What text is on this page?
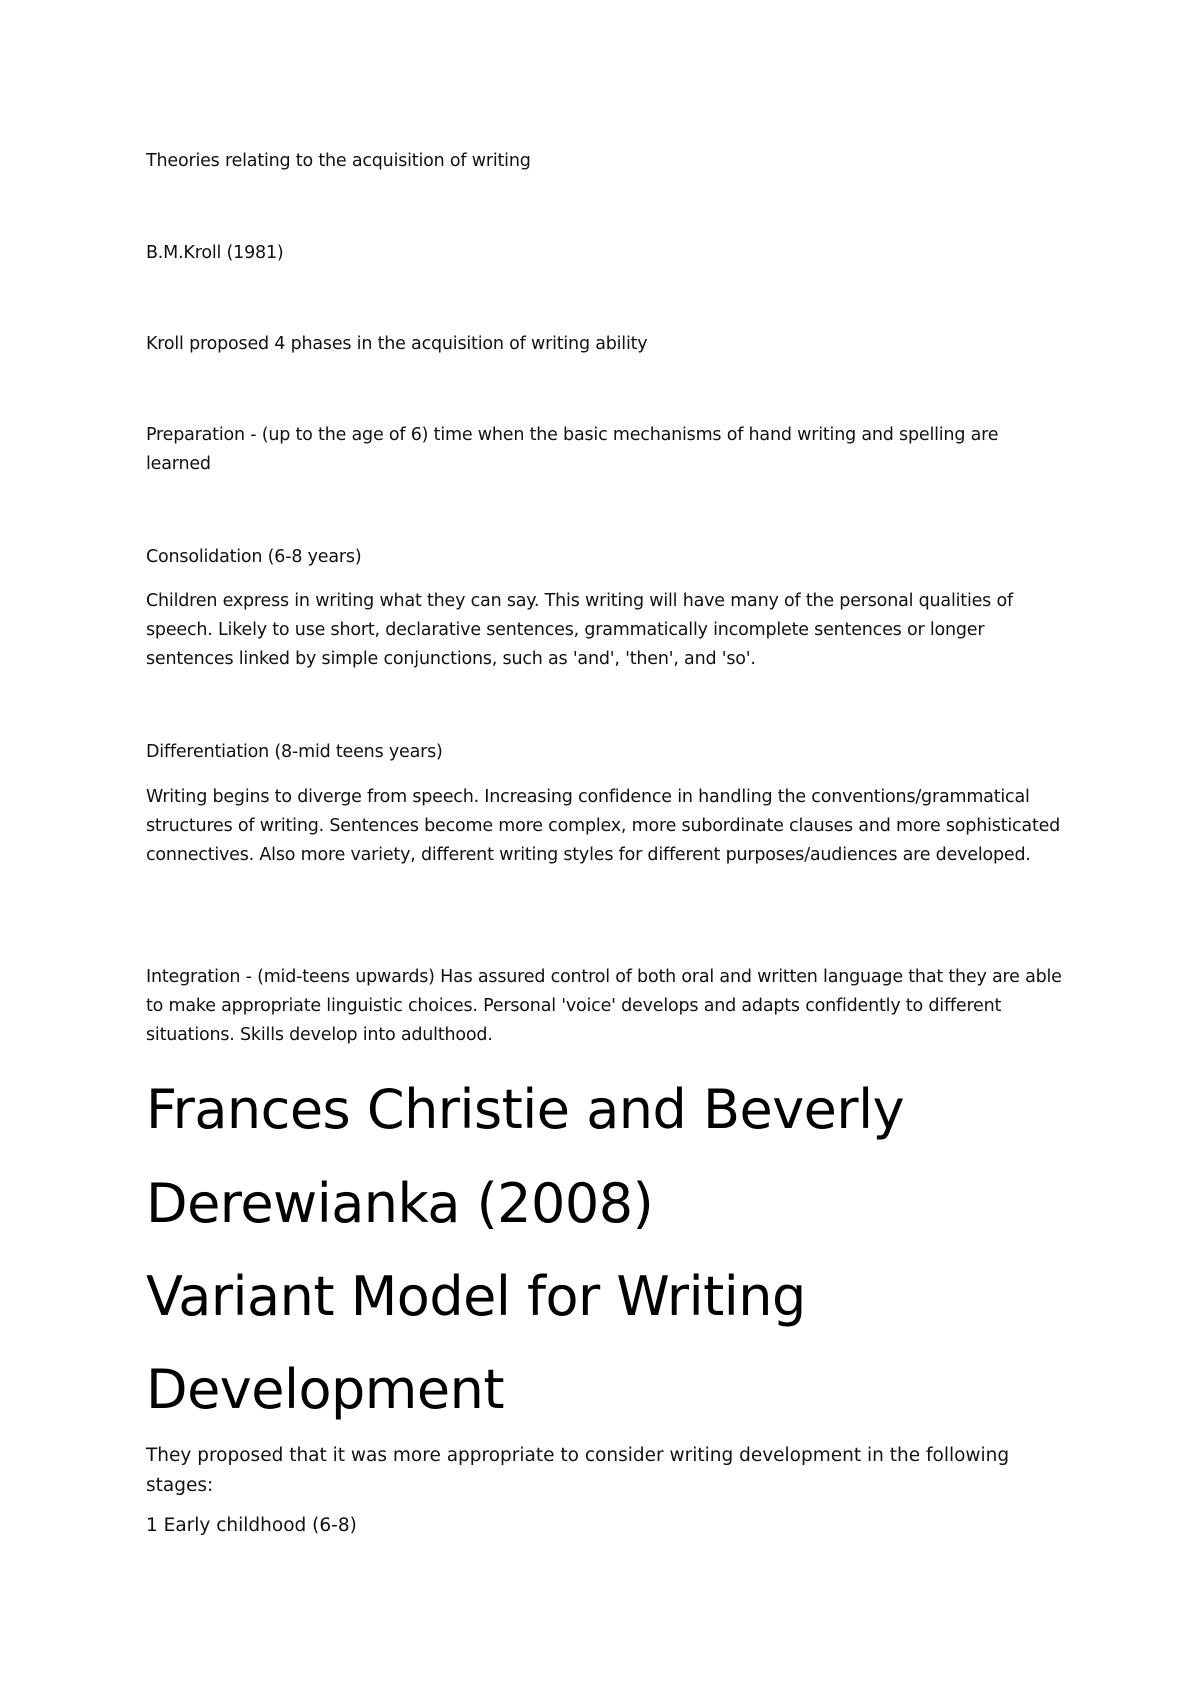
Theories relating to the acquisition of writing

B.M.Kroll (1981)

Kroll proposed 4 phases in the acquisition of writing ability

Preparation - (up to the age of 6) time when the basic mechanisms of hand writing and spelling are learned

Consolidation (6-8 years)

Children express in writing what they can say. This writing will have many of the personal qualities of speech. Likely to use short, declarative sentences, grammatically incomplete sentences or longer sentences linked by simple conjunctions, such as 'and', 'then', and 'so'.

Differentiation (8-mid teens years)

Writing begins to diverge from speech. Increasing confidence in handling the conventions/grammatical structures of writing. Sentences become more complex, more subordinate clauses and more sophisticated connectives. Also more variety, different writing styles for different purposes/audiences are developed.

Integration - (mid-teens upwards) Has assured control of both oral and written language that they are able to make appropriate linguistic choices. Personal 'voice' develops and adapts confidently to different situations. Skills develop into adulthood.

Frances Christie and Beverly
Derewianka (2008)
Variant Model for Writing
Development

They proposed that it was more appropriate to consider writing development in the following stages:

1 Early childhood (6-8)
